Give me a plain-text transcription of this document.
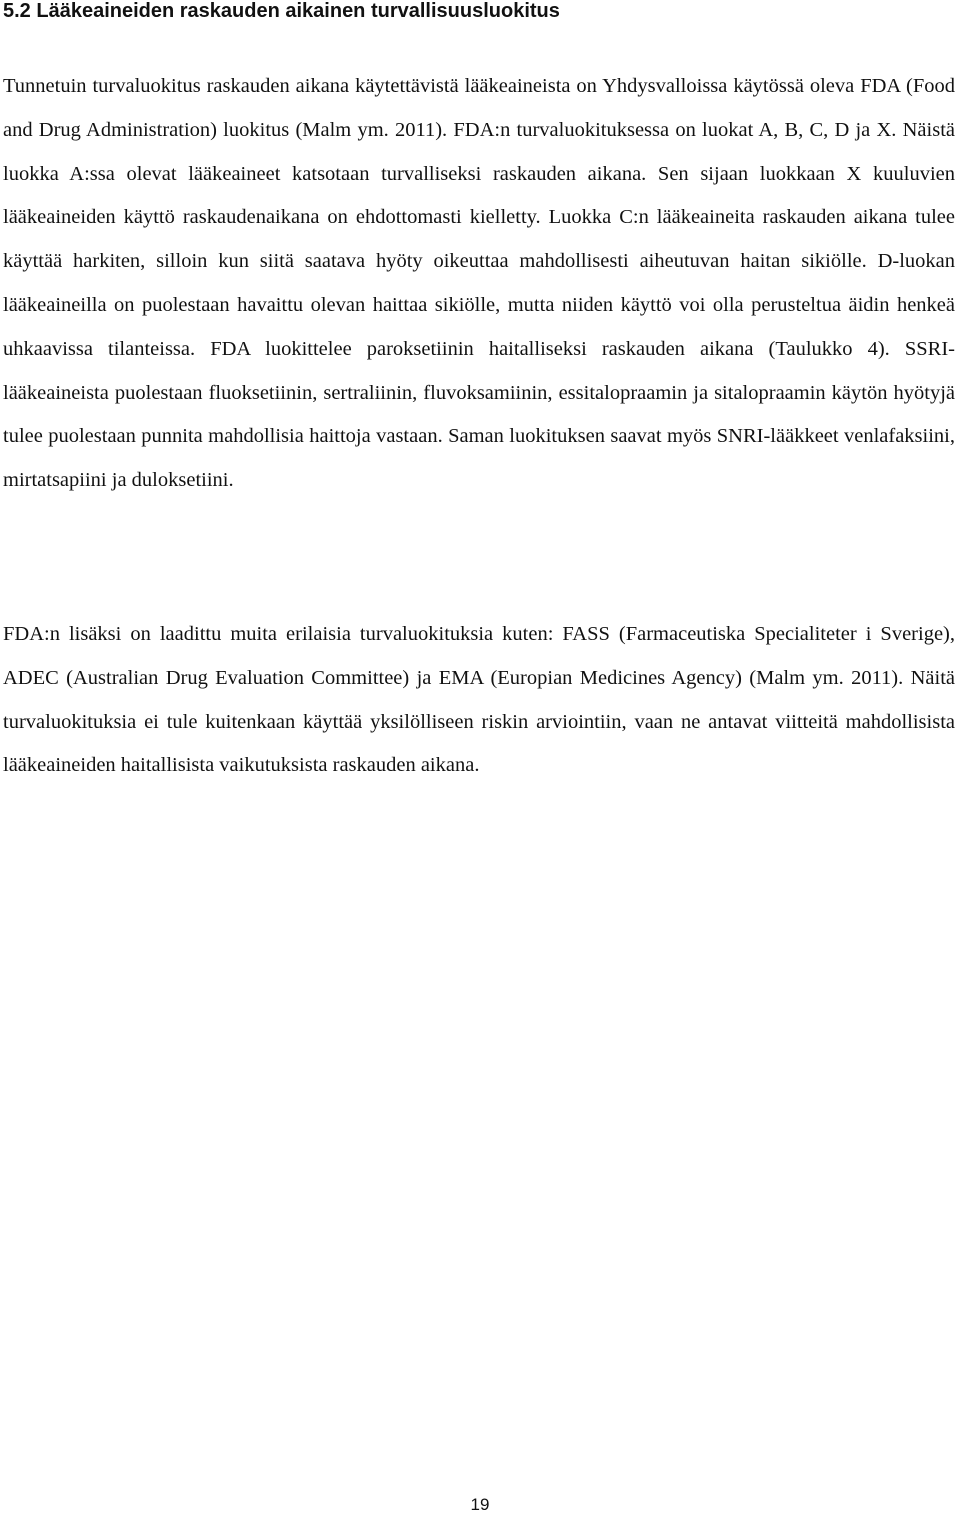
5.2 Lääkeaineiden raskauden aikainen turvallisuusluokitus

Tunnetuin turvaluokitus raskauden aikana käytettävistä lääkeaineista on Yhdysvalloissa käytössä oleva FDA (Food and Drug Administration) luokitus (Malm ym. 2011). FDA:n turvaluokituksessa on luokat A, B, C, D ja X. Näistä luokka A:ssa olevat lääkeaineet katsotaan turvalliseksi raskauden aikana. Sen sijaan luokkaan X kuuluvien lääkeaineiden käyttö raskaudenaikana on ehdottomasti kielletty. Luokka C:n lääkeaineita raskauden aikana tulee käyttää harkiten, silloin kun siitä saatava hyöty oikeuttaa mahdollisesti aiheutuvan haitan sikiölle. D-luokan lääkeaineilla on puolestaan havaittu olevan haittaa sikiölle, mutta niiden käyttö voi olla perusteltua äidin henkeä uhkaavissa tilanteissa. FDA luokittelee paroksetiinin haitalliseksi raskauden aikana (Taulukko 4). SSRI-lääkeaineista puolestaan fluoksetiinin, sertraliinin, fluvoksamiinin, essitalopraamin ja sitalopraamin käytön hyötyjä tulee puolestaan punnita mahdollisia haittoja vastaan. Saman luokituksen saavat myös SNRI-lääkkeet venlafaksiini, mirtatsapiini ja duloksetiini.

FDA:n lisäksi on laadittu muita erilaisia turvaluokituksia kuten: FASS (Farmaceutiska Specialiteter i Sverige), ADEC (Australian Drug Evaluation Committee) ja EMA (Europian Medicines Agency) (Malm ym. 2011). Näitä turvaluokituksia ei tule kuitenkaan käyttää yksilölliseen riskin arviointiin, vaan ne antavat viitteitä mahdollisista lääkeaineiden haitallisista vaikutuksista raskauden aikana.

19
